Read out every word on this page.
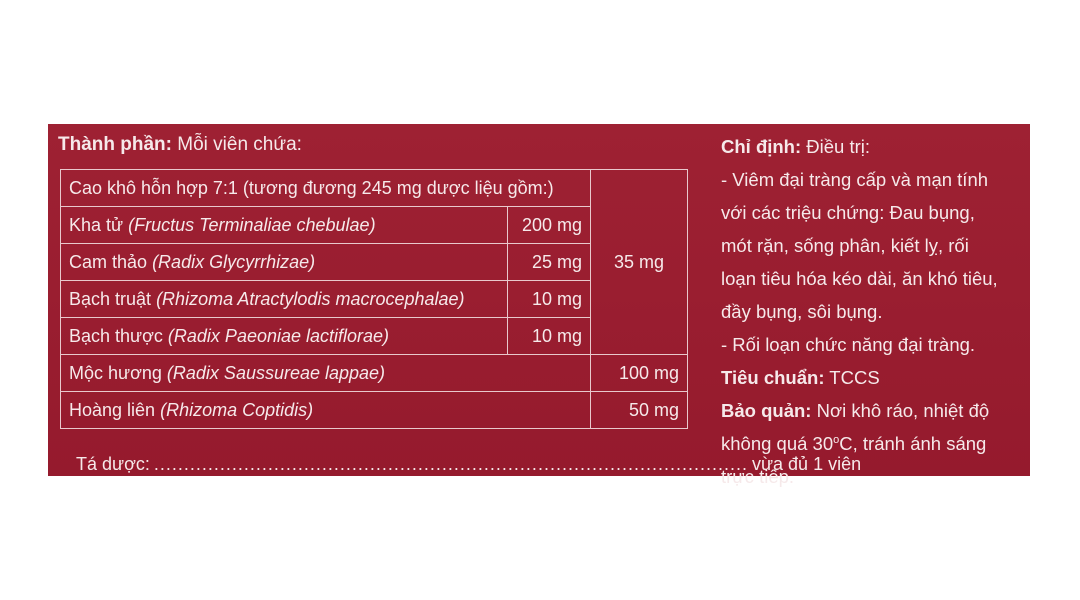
Thành phần: Mỗi viên chứa:
Cao khô hỗn hợp 7:1 (tương đương 245 mg dược liệu gồm:)		35 mg
Kha tử (Fructus Terminaliae chebulae)	200 mg	
Cam thảo (Radix Glycyrrhizae)	25 mg	
Bạch truật (Rhizoma Atractylodis macrocephalae)	10 mg	
Bạch thược (Radix Paeoniae lactiflorae)	10 mg	
Mộc hương (Radix Saussureae lappae)		100 mg
Hoàng liên (Rhizoma Coptidis)		50 mg
Tá dược: ................................................................................................... vừa đủ 1 viên
Chỉ định: Điều trị:
- Viêm đại tràng cấp và mạn tính
với các triệu chứng: Đau bụng,
mót rặn, sống phân, kiết lỵ, rối
loạn tiêu hóa kéo dài, ăn khó tiêu,
đầy bụng, sôi bụng.
- Rối loạn chức năng đại tràng.
Tiêu chuẩn: TCCS
Bảo quản: Nơi khô ráo, nhiệt độ
không quá 30$^o$C, tránh ánh sáng
trực tiếp.
